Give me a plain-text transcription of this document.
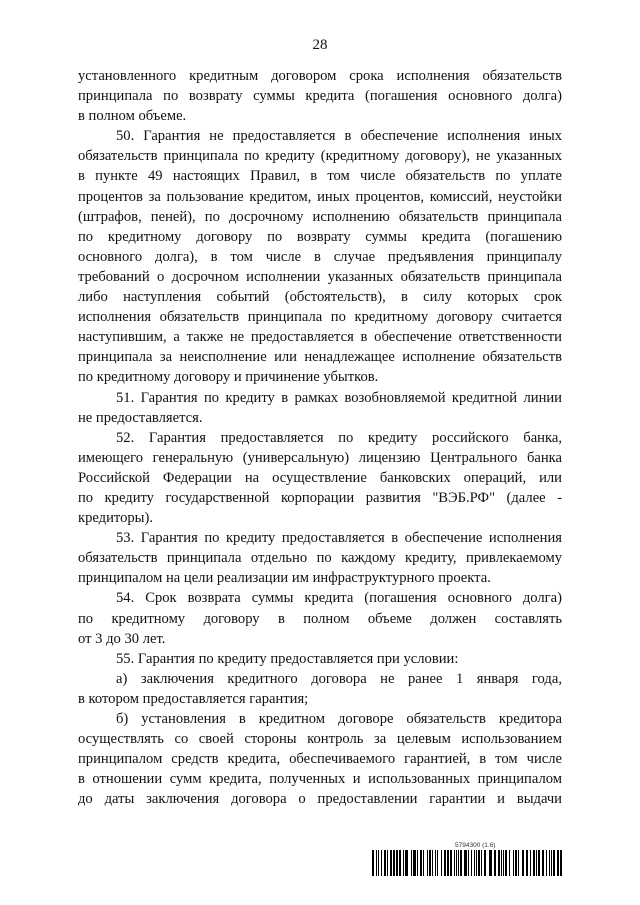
28
установленного кредитным договором срока исполнения обязательств
принципала по возврату суммы кредита (погашения основного долга)
в полном объеме.
50. Гарантия не предоставляется в обеспечение исполнения иных
обязательств принципала по кредиту (кредитному договору), не указанных
в пункте 49 настоящих Правил, в том числе обязательств по уплате
процентов за пользование кредитом, иных процентов, комиссий, неустойки
(штрафов, пеней), по досрочному исполнению обязательств принципала
по кредитному договору по возврату суммы кредита (погашению
основного долга), в том числе в случае предъявления принципалу
требований о досрочном исполнении указанных обязательств принципала
либо наступления событий (обстоятельств), в силу которых срок
исполнения обязательств принципала по кредитному договору считается
наступившим, а также не предоставляется в обеспечение ответственности
принципала за неисполнение или ненадлежащее исполнение обязательств
по кредитному договору и причинение убытков.
51. Гарантия по кредиту в рамках возобновляемой кредитной линии
не предоставляется.
52. Гарантия предоставляется по кредиту российского банка,
имеющего генеральную (универсальную) лицензию Центрального банка
Российской Федерации на осуществление банковских операций, или
по кредиту государственной корпорации развития "ВЭБ.РФ" (далее -
кредиторы).
53. Гарантия по кредиту предоставляется в обеспечение исполнения
обязательств принципала отдельно по каждому кредиту, привлекаемому
принципалом на цели реализации им инфраструктурного проекта.
54. Срок возврата суммы кредита (погашения основного долга)
по кредитному договору в полном объеме должен составлять
от 3 до 30 лет.
55. Гарантия по кредиту предоставляется при условии:
а) заключения кредитного договора не ранее 1 января года,
в котором предоставляется гарантия;
б) установления в кредитном договоре обязательств кредитора
осуществлять со своей стороны контроль за целевым использованием
принципалом средств кредита, обеспечиваемого гарантией, в том числе
в отношении сумм кредита, полученных и использованных принципалом
до даты заключения договора о предоставлении гарантии и выдачи
5794300 (1.6)
